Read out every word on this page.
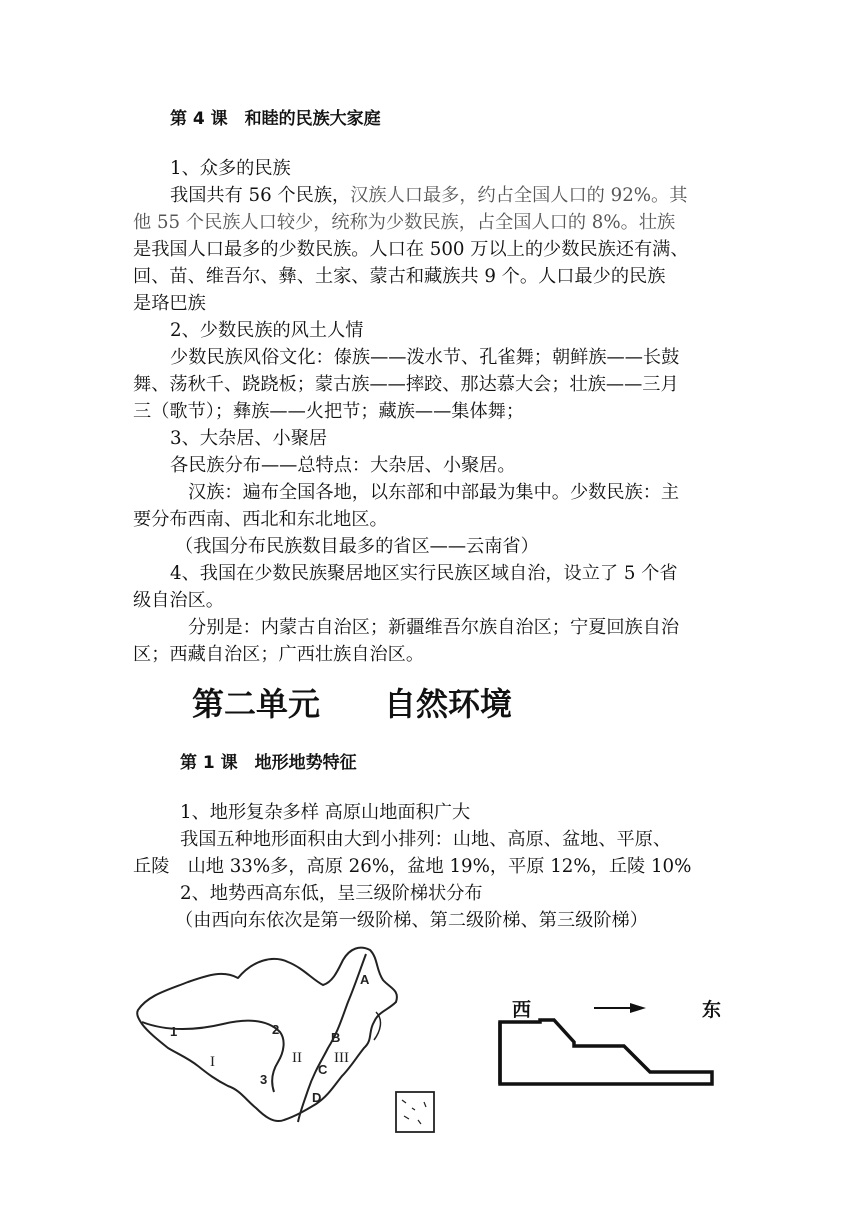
第 4 课　和睦的民族大家庭
1、众多的民族
我国共有 56 个民族，汉族人口最多，约占全国人口的 92%。其
他 55 个民族人口较少，统称为少数民族，占全国人口的 8%。壮族
是我国人口最多的少数民族。人口在 500 万以上的少数民族还有满、
回、苗、维吾尔、彝、土家、蒙古和藏族共 9 个。人口最少的民族
是珞巴族
2、少数民族的风土人情
少数民族风俗文化：傣族——泼水节、孔雀舞；朝鲜族——长鼓
舞、荡秋千、跷跷板；蒙古族——摔跤、那达慕大会；壮族——三月
三（歌节）；彝族——火把节；藏族——集体舞；
3、大杂居、小聚居
各民族分布——总特点：大杂居、小聚居。
汉族：遍布全国各地，以东部和中部最为集中。少数民族：主
要分布西南、西北和东北地区。
（我国分布民族数目最多的省区——云南省）
4、我国在少数民族聚居地区实行民族区域自治，设立了 5 个省
级自治区。
分别是：内蒙古自治区；新疆维吾尔族自治区；宁夏回族自治
区；西藏自治区；广西壮族自治区。
第二单元　　自然环境
第 1 课　地形地势特征
1、地形复杂多样 高原山地面积广大
我国五种地形面积由大到小排列：山地、高原、盆地、平原、
丘陵　山地 33%多，高原 26%，盆地 19%，平原 12%，丘陵 10%
2、地势西高东低，呈三级阶梯状分布
（由西向东依次是第一级阶梯、第二级阶梯、第三级阶梯）
A
B
C
D
1	2
3
I	II III
西	东
